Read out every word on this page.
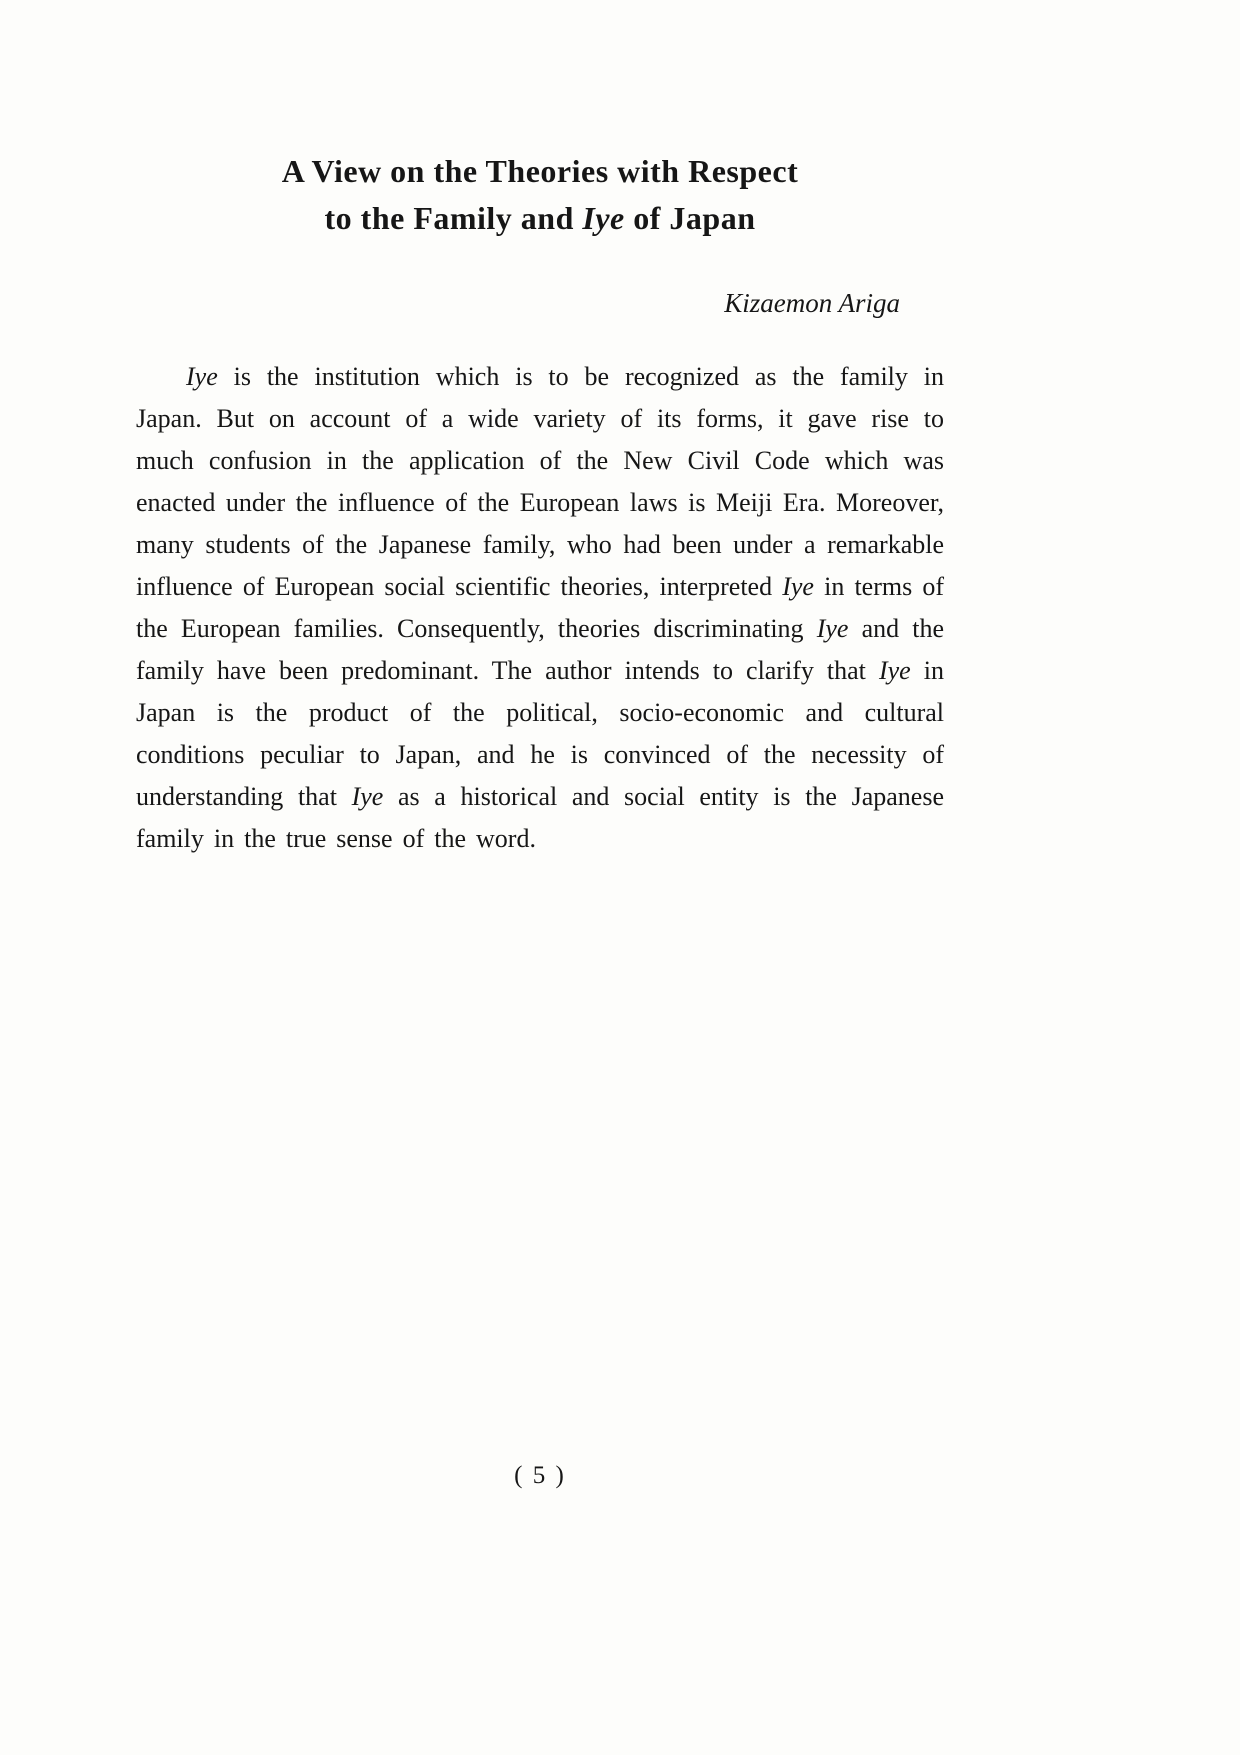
A View on the Theories with Respect
to the Family and Iye of Japan
Kizaemon Ariga

Iye is the institution which is to be recognized as the family in Japan. But on account of a wide variety of its forms, it gave rise to much confusion in the application of the New Civil Code which was enacted under the influence of the European laws is Meiji Era. Moreover, many students of the Japanese family, who had been under a remarkable influence of European social scientific theories, interpreted Iye in terms of the European families. Consequently, theories discriminating Iye and the family have been predominant. The author intends to clarify that Iye in Japan is the product of the political, socio-economic and cultural conditions peculiar to Japan, and he is convinced of the necessity of understanding that Iye as a historical and social entity is the Japanese family in the true sense of the word.

( 5 )
